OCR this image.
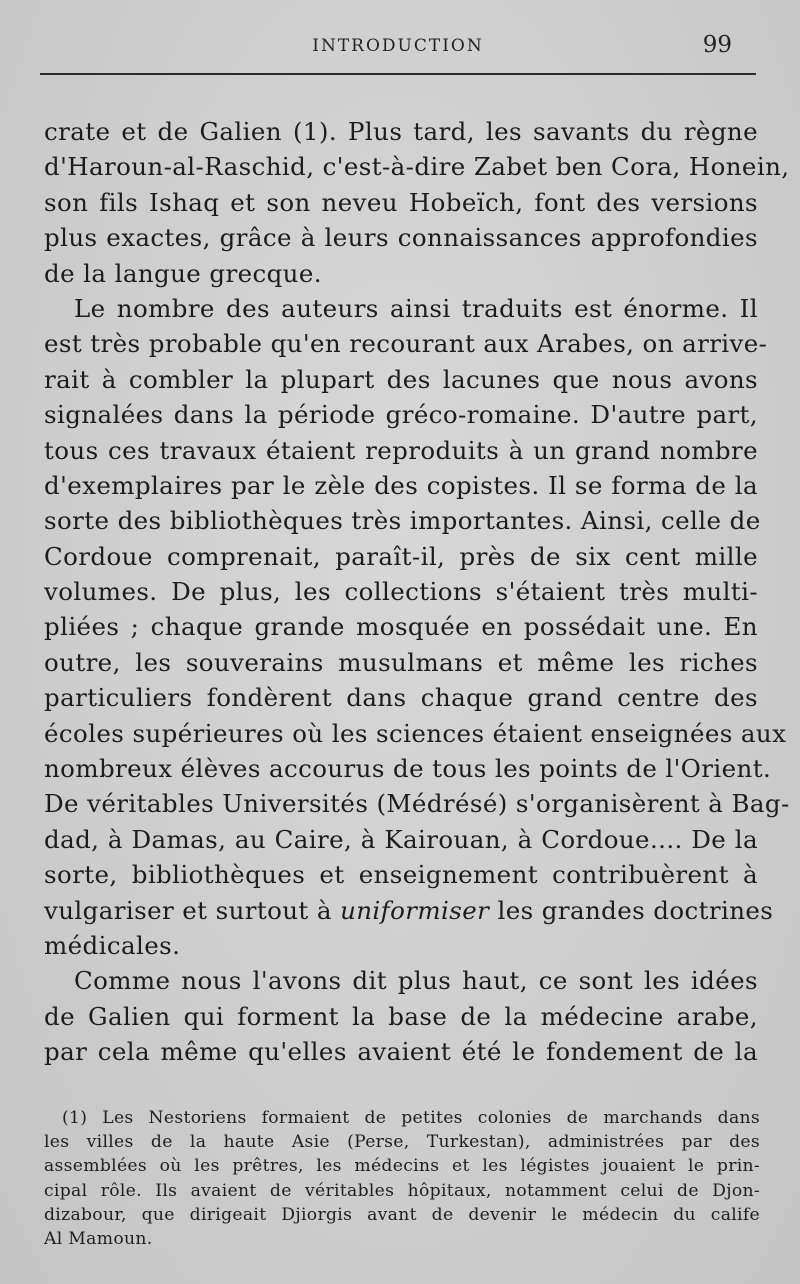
INTRODUCTION	99
crate et de Galien (1). Plus tard, les savants du règne
d'Haroun-al-Raschid, c'est-à-dire Zabet ben Cora, Honein,
son fils Ishaq et son neveu Hobeïch, font des versions
plus exactes, grâce à leurs connaissances approfondies
de la langue grecque.
Le nombre des auteurs ainsi traduits est énorme. Il
est très probable qu'en recourant aux Arabes, on arrive-
rait à combler la plupart des lacunes que nous avons
signalées dans la période gréco-romaine. D'autre part,
tous ces travaux étaient reproduits à un grand nombre
d'exemplaires par le zèle des copistes. Il se forma de la
sorte des bibliothèques très importantes. Ainsi, celle de
Cordoue comprenait, paraît-il, près de six cent mille
volumes. De plus, les collections s'étaient très multi-
pliées ; chaque grande mosquée en possédait une. En
outre, les souverains musulmans et même les riches
particuliers fondèrent dans chaque grand centre des
écoles supérieures où les sciences étaient enseignées aux
nombreux élèves accourus de tous les points de l'Orient.
De véritables Universités (Médrésé) s'organisèrent à Bag-
dad, à Damas, au Caire, à Kairouan, à Cordoue.... De la
sorte, bibliothèques et enseignement contribuèrent à
vulgariser et surtout à uniformiser les grandes doctrines
médicales.
Comme nous l'avons dit plus haut, ce sont les idées
de Galien qui forment la base de la médecine arabe,
par cela même qu'elles avaient été le fondement de la
(1) Les Nestoriens formaient de petites colonies de marchands dans
les villes de la haute Asie (Perse, Turkestan), administrées par des
assemblées où les prêtres, les médecins et les légistes jouaient le prin-
cipal rôle. Ils avaient de véritables hôpitaux, notamment celui de Djon-
dizabour, que dirigeait Djiorgis avant de devenir le médecin du calife
Al Mamoun.
